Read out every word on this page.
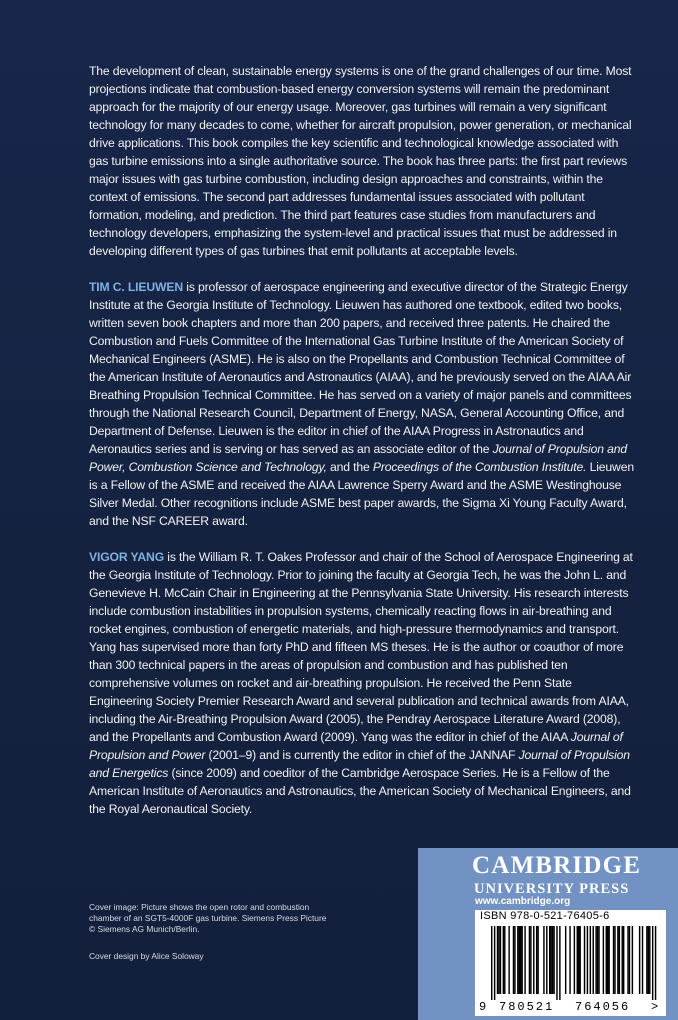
The development of clean, sustainable energy systems is one of the grand challenges of our time. Most projections indicate that combustion-based energy conversion systems will remain the predominant approach for the majority of our energy usage. Moreover, gas turbines will remain a very significant technology for many decades to come, whether for aircraft propulsion, power generation, or mechanical drive applications. This book compiles the key scientific and technological knowledge associated with gas turbine emissions into a single authoritative source. The book has three parts: the first part reviews major issues with gas turbine combustion, including design approaches and constraints, within the context of emissions. The second part addresses fundamental issues associated with pollutant formation, modeling, and prediction. The third part features case studies from manufacturers and technology developers, emphasizing the system-level and practical issues that must be addressed in developing different types of gas turbines that emit pollutants at acceptable levels.

TIM C. LIEUWEN is professor of aerospace engineering and executive director of the Strategic Energy Institute at the Georgia Institute of Technology. Lieuwen has authored one textbook, edited two books, written seven book chapters and more than 200 papers, and received three patents. He chaired the Combustion and Fuels Committee of the International Gas Turbine Institute of the American Society of Mechanical Engineers (ASME). He is also on the Propellants and Combustion Technical Committee of the American Institute of Aeronautics and Astronautics (AIAA), and he previously served on the AIAA Air Breathing Propulsion Technical Committee. He has served on a variety of major panels and committees through the National Research Council, Department of Energy, NASA, General Accounting Office, and Department of Defense. Lieuwen is the editor in chief of the AIAA Progress in Astronautics and Aeronautics series and is serving or has served as an associate editor of the Journal of Propulsion and Power, Combustion Science and Technology, and the Proceedings of the Combustion Institute. Lieuwen is a Fellow of the ASME and received the AIAA Lawrence Sperry Award and the ASME Westinghouse Silver Medal. Other recognitions include ASME best paper awards, the Sigma Xi Young Faculty Award, and the NSF CAREER award.

VIGOR YANG is the William R. T. Oakes Professor and chair of the School of Aerospace Engineering at the Georgia Institute of Technology. Prior to joining the faculty at Georgia Tech, he was the John L. and Genevieve H. McCain Chair in Engineering at the Pennsylvania State University. His research interests include combustion instabilities in propulsion systems, chemically reacting flows in air-breathing and rocket engines, combustion of energetic materials, and high-pressure thermodynamics and transport. Yang has supervised more than forty PhD and fifteen MS theses. He is the author or coauthor of more than 300 technical papers in the areas of propulsion and combustion and has published ten comprehensive volumes on rocket and air-breathing propulsion. He received the Penn State Engineering Society Premier Research Award and several publication and technical awards from AIAA, including the Air-Breathing Propulsion Award (2005), the Pendray Aerospace Literature Award (2008), and the Propellants and Combustion Award (2009). Yang was the editor in chief of the AIAA Journal of Propulsion and Power (2001–9) and is currently the editor in chief of the JANNAF Journal of Propulsion and Energetics (since 2009) and coeditor of the Cambridge Aerospace Series. He is a Fellow of the American Institute of Aeronautics and Astronautics, the American Society of Mechanical Engineers, and the Royal Aeronautical Society.

Cover image: Picture shows the open rotor and combustion
chamber of an SGT5-4000F gas turbine. Siemens Press Picture
© Siemens AG Munich/Berlin.
Cover design by Alice Soloway
CAMBRIDGE
UNIVERSITY PRESS
www.cambridge.org
ISBN 978-0-521-76405-6
9 780521 764056 >
